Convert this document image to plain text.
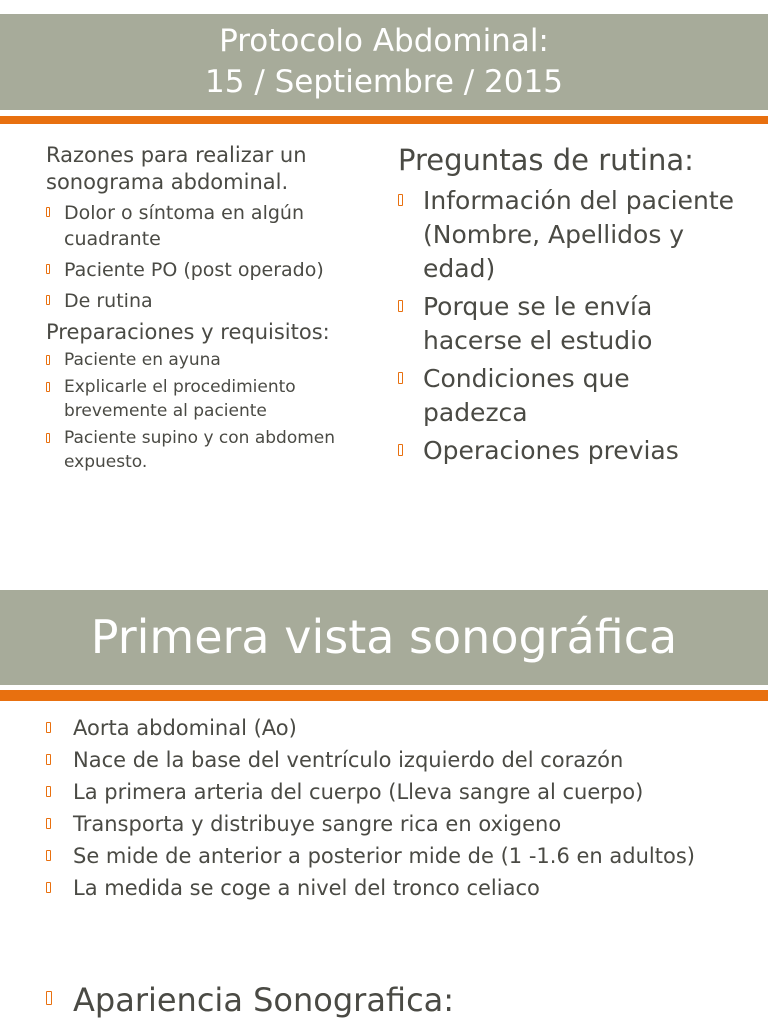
Protocolo Abdominal:
15 / Septiembre / 2015

Razones para realizar un sonograma abdominal.

Dolor o síntoma en algún cuadrante
Paciente PO (post operado)
De rutina

Preparaciones y requisitos:

Paciente en ayuna
Explicarle el procedimiento brevemente al paciente
Paciente supino y con abdomen expuesto.

Preguntas de rutina:

Información del paciente (Nombre, Apellidos y edad)
Porque se le envía hacerse el estudio
Condiciones que padezca
Operaciones previas
Primera vista sonográfica
Aorta abdominal (Ao)
Nace de la base del ventrículo izquierdo del corazón
La primera arteria del cuerpo (Lleva sangre al cuerpo)
Transporta y distribuye sangre rica en oxigeno
Se mide de anterior a posterior mide de (1 -1.6 en adultos)
La medida se coge a nivel del tronco celiaco
Apariencia Sonografica:
